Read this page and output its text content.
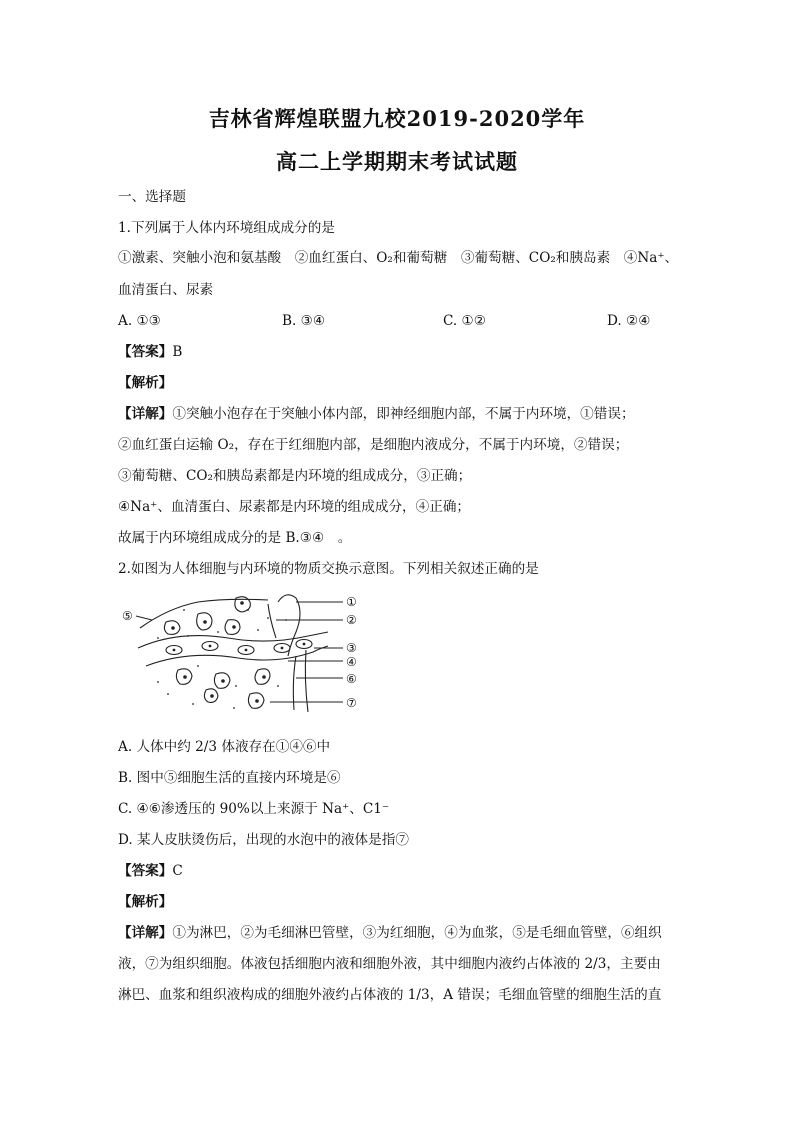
吉林省辉煌联盟九校2019-2020学年
高二上学期期末考试试题

一、选择题

1.下列属于人体内环境组成成分的是

①激素、突触小泡和氨基酸　②血红蛋白、O₂和葡萄糖　③葡萄糖、CO₂和胰岛素　④Na⁺、

血清蛋白、尿素

A. ①③	B. ③④	C. ①②	D. ②④

【答案】B

【解析】

【详解】①突触小泡存在于突触小体内部，即神经细胞内部，不属于内环境，①错误；

②血红蛋白运输 O₂，存在于红细胞内部，是细胞内液成分，不属于内环境，②错误；

③葡萄糖、CO₂和胰岛素都是内环境的组成成分，③正确；

④Na⁺、血清蛋白、尿素都是内环境的组成成分，④正确；

故属于内环境组成成分的是 B.③④　。

2.如图为人体细胞与内环境的物质交换示意图。下列相关叙述正确的是

⑤
①
②
③
④
⑥
⑦

A. 人体中约 2/3 体液存在①④⑥中

B. 图中⑤细胞生活的直接内环境是⑥

C. ④⑥渗透压的 90%以上来源于 Na⁺、C1⁻

D. 某人皮肤烫伤后，出现的水泡中的液体是指⑦

【答案】C

【解析】

【详解】①为淋巴，②为毛细淋巴管壁，③为红细胞，④为血浆，⑤是毛细血管壁，⑥组织

液，⑦为组织细胞。体液包括细胞内液和细胞外液，其中细胞内液约占体液的 2/3，主要由

淋巴、血浆和组织液构成的细胞外液约占体液的 1/3，A 错误；毛细血管壁的细胞生活的直
